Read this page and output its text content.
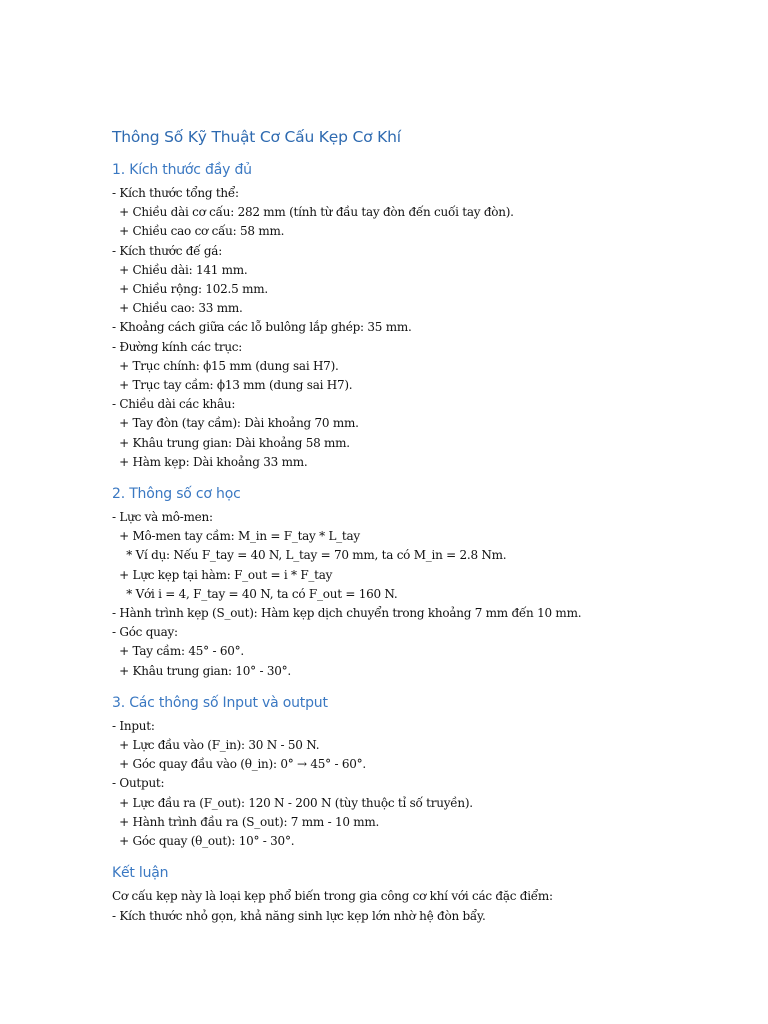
Thông Số Kỹ Thuật Cơ Cấu Kẹp Cơ Khí
1. Kích thước đầy đủ
- Kích thước tổng thể:
+ Chiều dài cơ cấu: 282 mm (tính từ đầu tay đòn đến cuối tay đòn).
+ Chiều cao cơ cấu: 58 mm.
- Kích thước đế gá:
+ Chiều dài: 141 mm.
+ Chiều rộng: 102.5 mm.
+ Chiều cao: 33 mm.
- Khoảng cách giữa các lỗ bulông lắp ghép: 35 mm.
- Đường kính các trục:
+ Trục chính: ϕ15 mm (dung sai H7).
+ Trục tay cầm: ϕ13 mm (dung sai H7).
- Chiều dài các khâu:
+ Tay đòn (tay cầm): Dài khoảng 70 mm.
+ Khâu trung gian: Dài khoảng 58 mm.
+ Hàm kẹp: Dài khoảng 33 mm.
2. Thông số cơ học
- Lực và mô-men:
+ Mô-men tay cầm: M_in = F_tay * L_tay
* Ví dụ: Nếu F_tay = 40 N, L_tay = 70 mm, ta có M_in = 2.8 Nm.
+ Lực kẹp tại hàm: F_out = i * F_tay
* Với i = 4, F_tay = 40 N, ta có F_out = 160 N.
- Hành trình kẹp (S_out): Hàm kẹp dịch chuyển trong khoảng 7 mm đến 10 mm.
- Góc quay:
+ Tay cầm: 45° - 60°.
+ Khâu trung gian: 10° - 30°.
3. Các thông số Input và output
- Input:
+ Lực đầu vào (F_in): 30 N - 50 N.
+ Góc quay đầu vào (θ_in): 0° → 45° - 60°.
- Output:
+ Lực đầu ra (F_out): 120 N - 200 N (tùy thuộc tỉ số truyền).
+ Hành trình đầu ra (S_out): 7 mm - 10 mm.
+ Góc quay (θ_out): 10° - 30°.
Kết luận
Cơ cấu kẹp này là loại kẹp phổ biến trong gia công cơ khí với các đặc điểm:
- Kích thước nhỏ gọn, khả năng sinh lực kẹp lớn nhờ hệ đòn bẩy.
